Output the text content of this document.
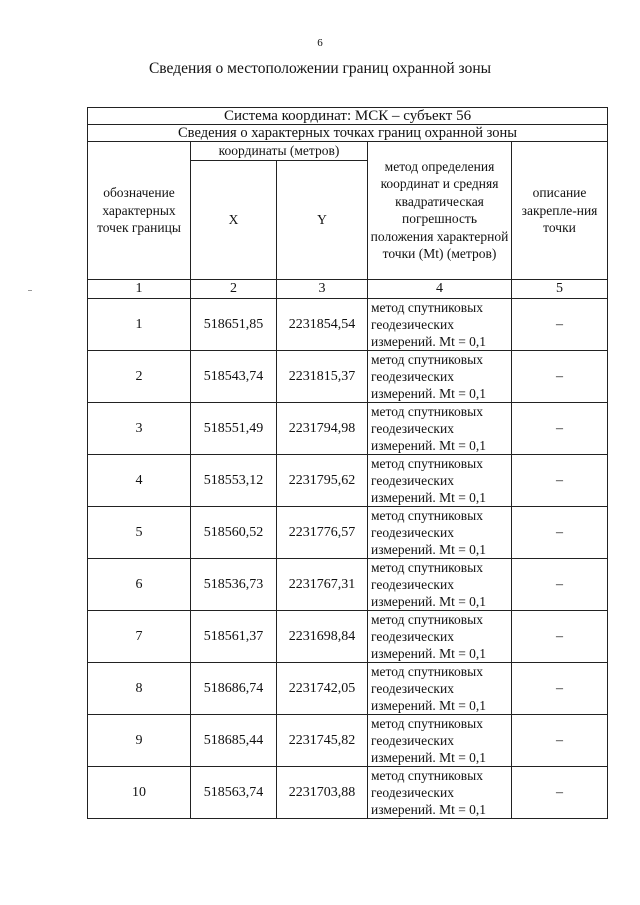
6
Сведения о местоположении границ охранной зоны
Система координат: МСК – субъект 56				
Сведения о характерных точках границ охранной зоны				
обозначение характерных точек границы	координаты (метров)		метод определения координат и средняя квадратическая погрешность положения характерной точки (Mt) (метров)	описание закрепле-ния точки
	X	Y		
1	2	3	4	5
1	518651,85	2231854,54	метод спутниковых геодезических измерений. Mt = 0,1	–
2	518543,74	2231815,37	метод спутниковых геодезических измерений. Mt = 0,1	–
3	518551,49	2231794,98	метод спутниковых геодезических измерений. Mt = 0,1	–
4	518553,12	2231795,62	метод спутниковых геодезических измерений. Mt = 0,1	–
5	518560,52	2231776,57	метод спутниковых геодезических измерений. Mt = 0,1	–
6	518536,73	2231767,31	метод спутниковых геодезических измерений. Mt = 0,1	–
7	518561,37	2231698,84	метод спутниковых геодезических измерений. Mt = 0,1	–
8	518686,74	2231742,05	метод спутниковых геодезических измерений. Mt = 0,1	–
9	518685,44	2231745,82	метод спутниковых геодезических измерений. Mt = 0,1	–
10	518563,74	2231703,88	метод спутниковых геодезических измерений. Mt = 0,1	–
